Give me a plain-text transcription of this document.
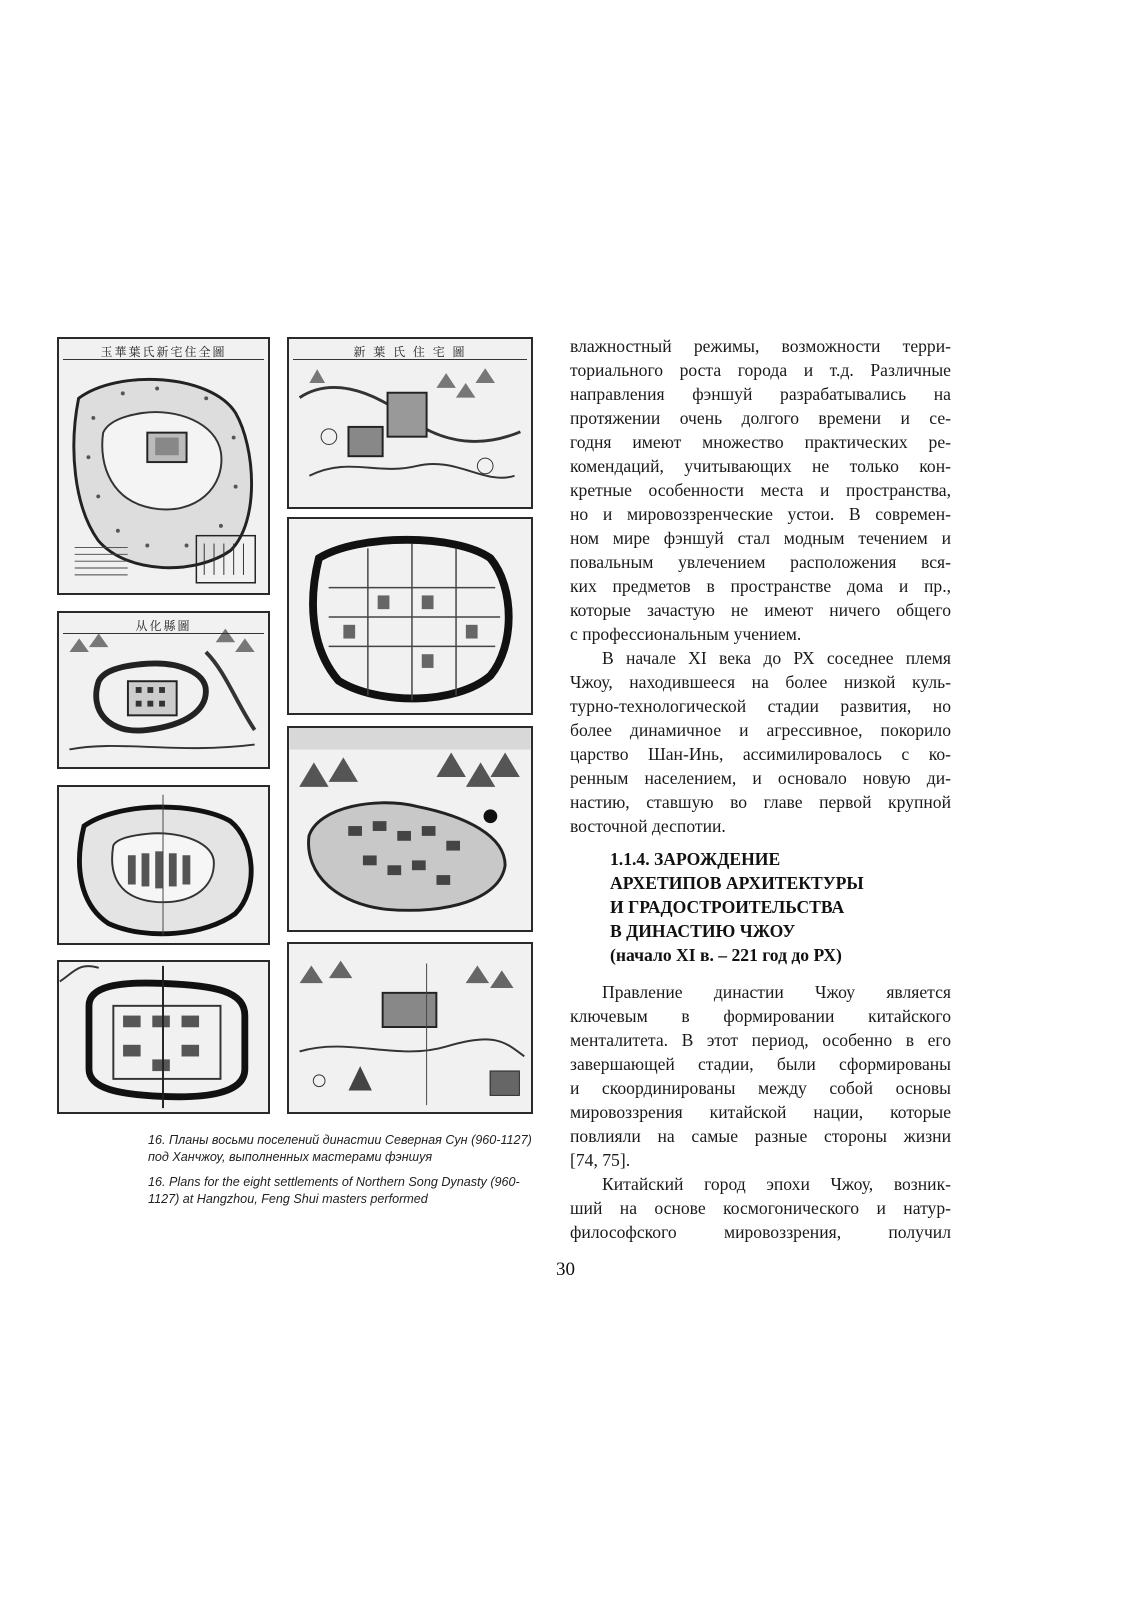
玉華葉氏新宅住全圖	新 葉 氏 住 宅 圖
从化縣圖

16. Планы восьми поселений династии Северная Сун (960-1127) под Ханчжоу, выполненных мастерами фэншуя

16. Plans for the eight settlements of Northern Song Dynasty (960-1127) at Hangzhou, Feng Shui masters performed

влажностный режимы, возможности терри-
ториального роста города и т.д. Различные
направления фэншуй разрабатывались на
протяжении очень долгого времени и се-
годня имеют множество практических ре-
комендаций, учитывающих не только кон-
кретные особенности места и пространства,
но и мировоззренческие устои. В современ-
ном мире фэншуй стал модным течением и
повальным увлечением расположения вся-
ких предметов в пространстве дома и пр.,
которые зачастую не имеют ничего общего
с профессиональным учением.
В начале XI века до РХ соседнее племя
Чжоу, находившееся на более низкой куль-
турно-технологической стадии развития, но
более динамичное и агрессивное, покорило
царство Шан-Инь, ассимилировалось с ко-
ренным населением, и основало новую ди-
настию, ставшую во главе первой крупной
восточной деспотии.
1.1.4. ЗАРОЖДЕНИЕ
АРХЕТИПОВ АРХИТЕКТУРЫ
И ГРАДОСТРОИТЕЛЬСТВА
В ДИНАСТИЮ ЧЖОУ
(начало XI в. – 221 год до РХ)
Правление династии Чжоу является
ключевым в формировании китайского
менталитета. В этот период, особенно в его
завершающей стадии, были сформированы
и скоординированы между собой основы
мировоззрения китайской нации, которые
повлияли на самые разные стороны жизни
[74, 75].
Китайский город эпохи Чжоу, возник-
ший на основе космогонического и натур-
философского мировоззрения, получил
30
